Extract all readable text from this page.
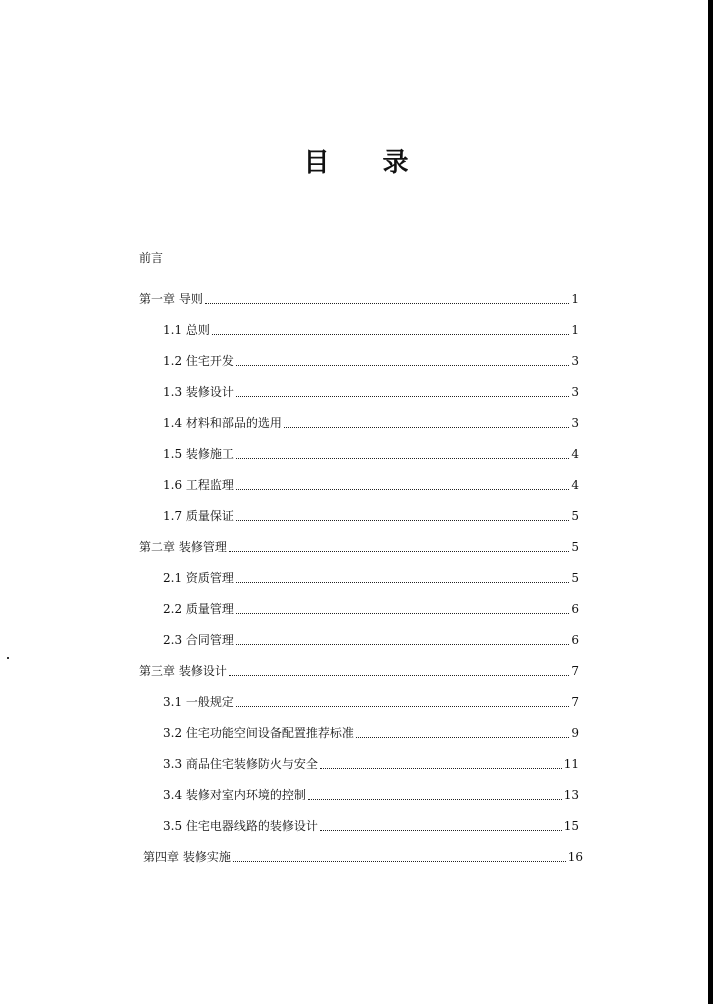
目 录
前言
第一章 导则	1
1.1 总则	1
1.2 住宅开发	3
1.3 装修设计	3
1.4 材料和部品的选用	3
1.5 装修施工	4
1.6 工程监理	4
1.7 质量保证	5
第二章 装修管理	5
2.1 资质管理	5
2.2 质量管理	6
2.3 合同管理	6
第三章 装修设计	7
3.1 一般规定	7
3.2 住宅功能空间设备配置推荐标准	9
3.3 商品住宅装修防火与安全	11
3.4 装修对室内环境的控制	13
3.5 住宅电器线路的装修设计	15
第四章 装修实施	16
